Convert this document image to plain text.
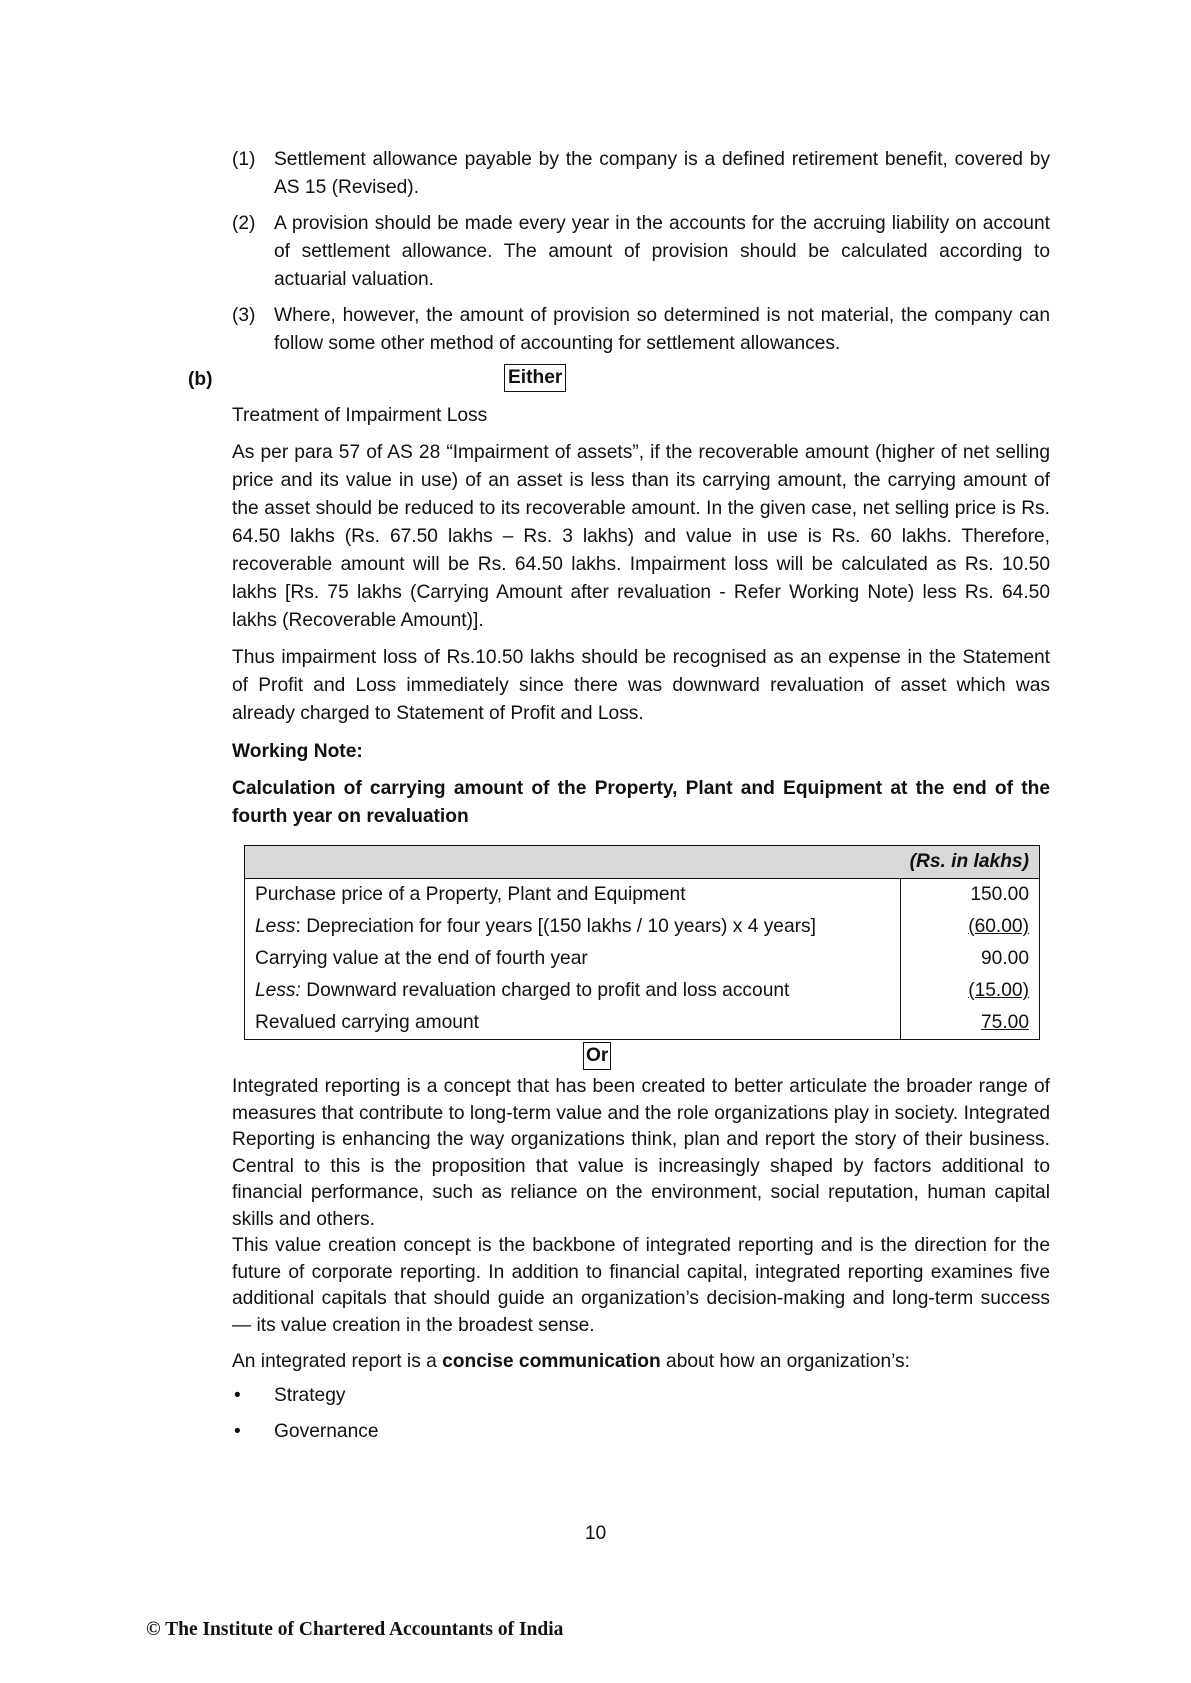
(1) Settlement allowance payable by the company is a defined retirement benefit, covered by AS 15 (Revised).
(2) A provision should be made every year in the accounts for the accruing liability on account of settlement allowance. The amount of provision should be calculated according to actuarial valuation.
(3) Where, however, the amount of provision so determined is not material, the company can follow some other method of accounting for settlement allowances.
(b)	Either

Treatment of Impairment Loss

As per para 57 of AS 28 “Impairment of assets”, if the recoverable amount (higher of net selling price and its value in use) of an asset is less than its carrying amount, the carrying amount of the asset should be reduced to its recoverable amount. In the given case, net selling price is Rs. 64.50 lakhs (Rs. 67.50 lakhs – Rs. 3 lakhs) and value in use is Rs. 60 lakhs. Therefore, recoverable amount will be Rs. 64.50 lakhs. Impairment loss will be calculated as Rs. 10.50 lakhs [Rs. 75 lakhs (Carrying Amount after revaluation - Refer Working Note) less Rs. 64.50 lakhs (Recoverable Amount)].

Thus impairment loss of Rs.10.50 lakhs should be recognised as an expense in the Statement of Profit and Loss immediately since there was downward revaluation of asset which was already charged to Statement of Profit and Loss.

Working Note:

Calculation of carrying amount of the Property, Plant and Equipment at the end of the fourth year on revaluation

(Rs. in lakhs)	
Purchase price of a Property, Plant and Equipment	150.00
Less: Depreciation for four years [(150 lakhs / 10 years) x 4 years]	(60.00)
Carrying value at the end of fourth year	90.00
Less: Downward revaluation charged to profit and loss account	(15.00)
Revalued carrying amount	75.00
Or

Integrated reporting is a concept that has been created to better articulate the broader range of measures that contribute to long-term value and the role organizations play in society. Integrated Reporting is enhancing the way organizations think, plan and report the story of their business. Central to this is the proposition that value is increasingly shaped by factors additional to financial performance, such as reliance on the environment, social reputation, human capital skills and others.

This value creation concept is the backbone of integrated reporting and is the direction for the future of corporate reporting. In addition to financial capital, integrated reporting examines five additional capitals that should guide an organization’s decision-making and long-term success — its value creation in the broadest sense.

An integrated report is a concise communication about how an organization’s:

• Strategy
• Governance
10
© The Institute of Chartered Accountants of India
